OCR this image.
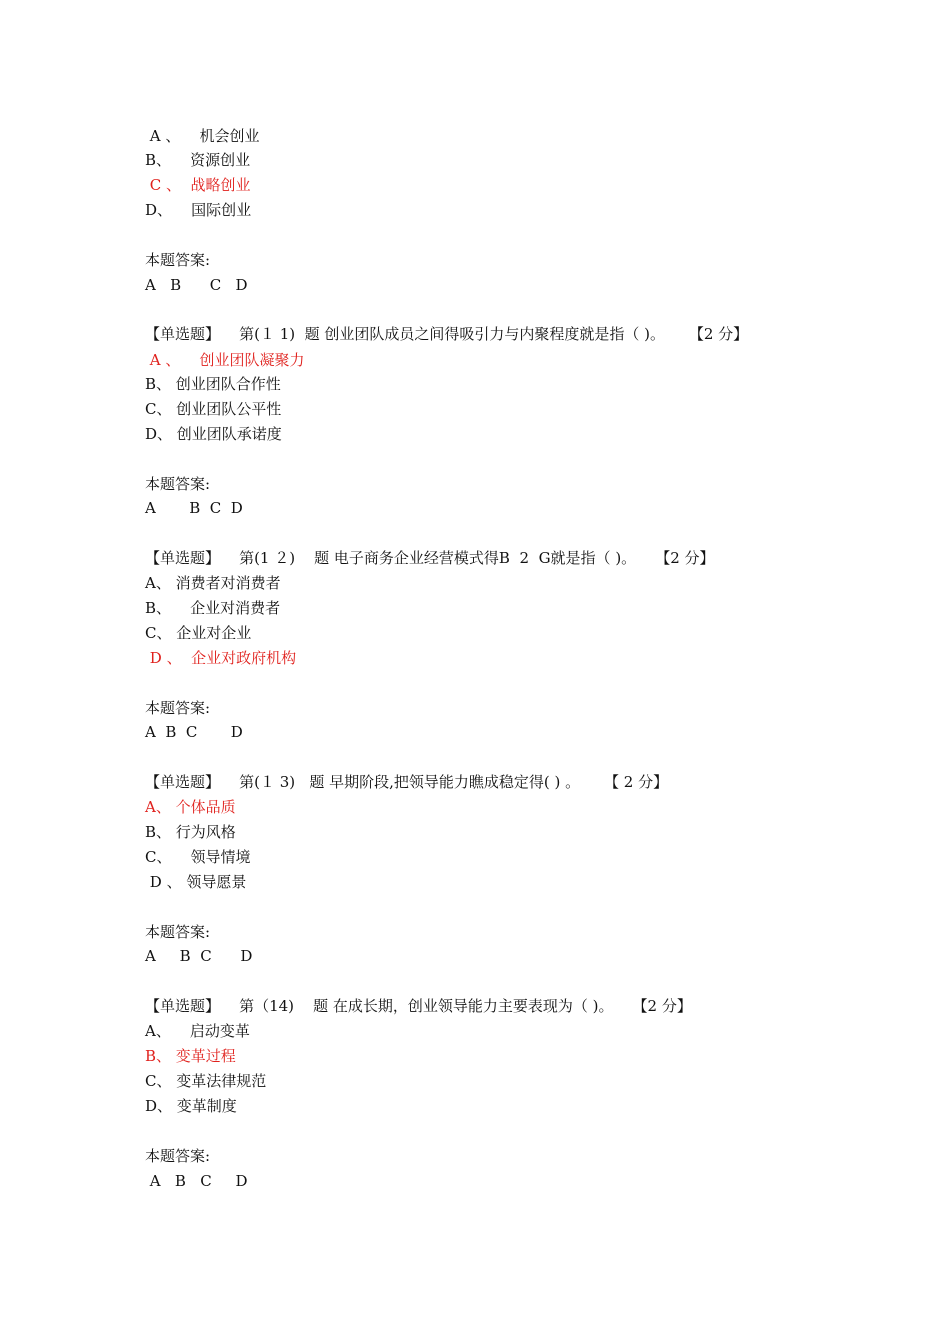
A 、    机会创业
B、    资源创业
C 、  战略创业
D、    国际创业
本题答案:
A   B      C   D
【单选题】    第(１ 1)  题 创业团队成员之间得吸引力与内聚程度就是指（ )。     【2 分】
A 、    创业团队凝聚力
B、 创业团队合作性
C、 创业团队公平性
D、 创业团队承诺度
本题答案:
A       B  C  D
【单选题】    第(1 ２)    题 电子商务企业经营模式得B  2  G就是指（ )。    【2 分】
A、 消费者对消费者
B、    企业对消费者
C、 企业对企业
D 、  企业对政府机构
本题答案:
A  B  C       D
【单选题】    第(１ 3)   题 早期阶段,把领导能力瞧成稳定得( ) 。     【 2 分】
A、 个体品质
B、 行为风格
C、    领导情境
D 、 领导愿景
本题答案:
A     B  C      D
【单选题】    第（14)    题 在成长期，创业领导能力主要表现为（ )。    【2 分】
A、    启动变革
B、 变革过程
C、 变革法律规范
D、 变革制度
本题答案:
A   B   C     D
